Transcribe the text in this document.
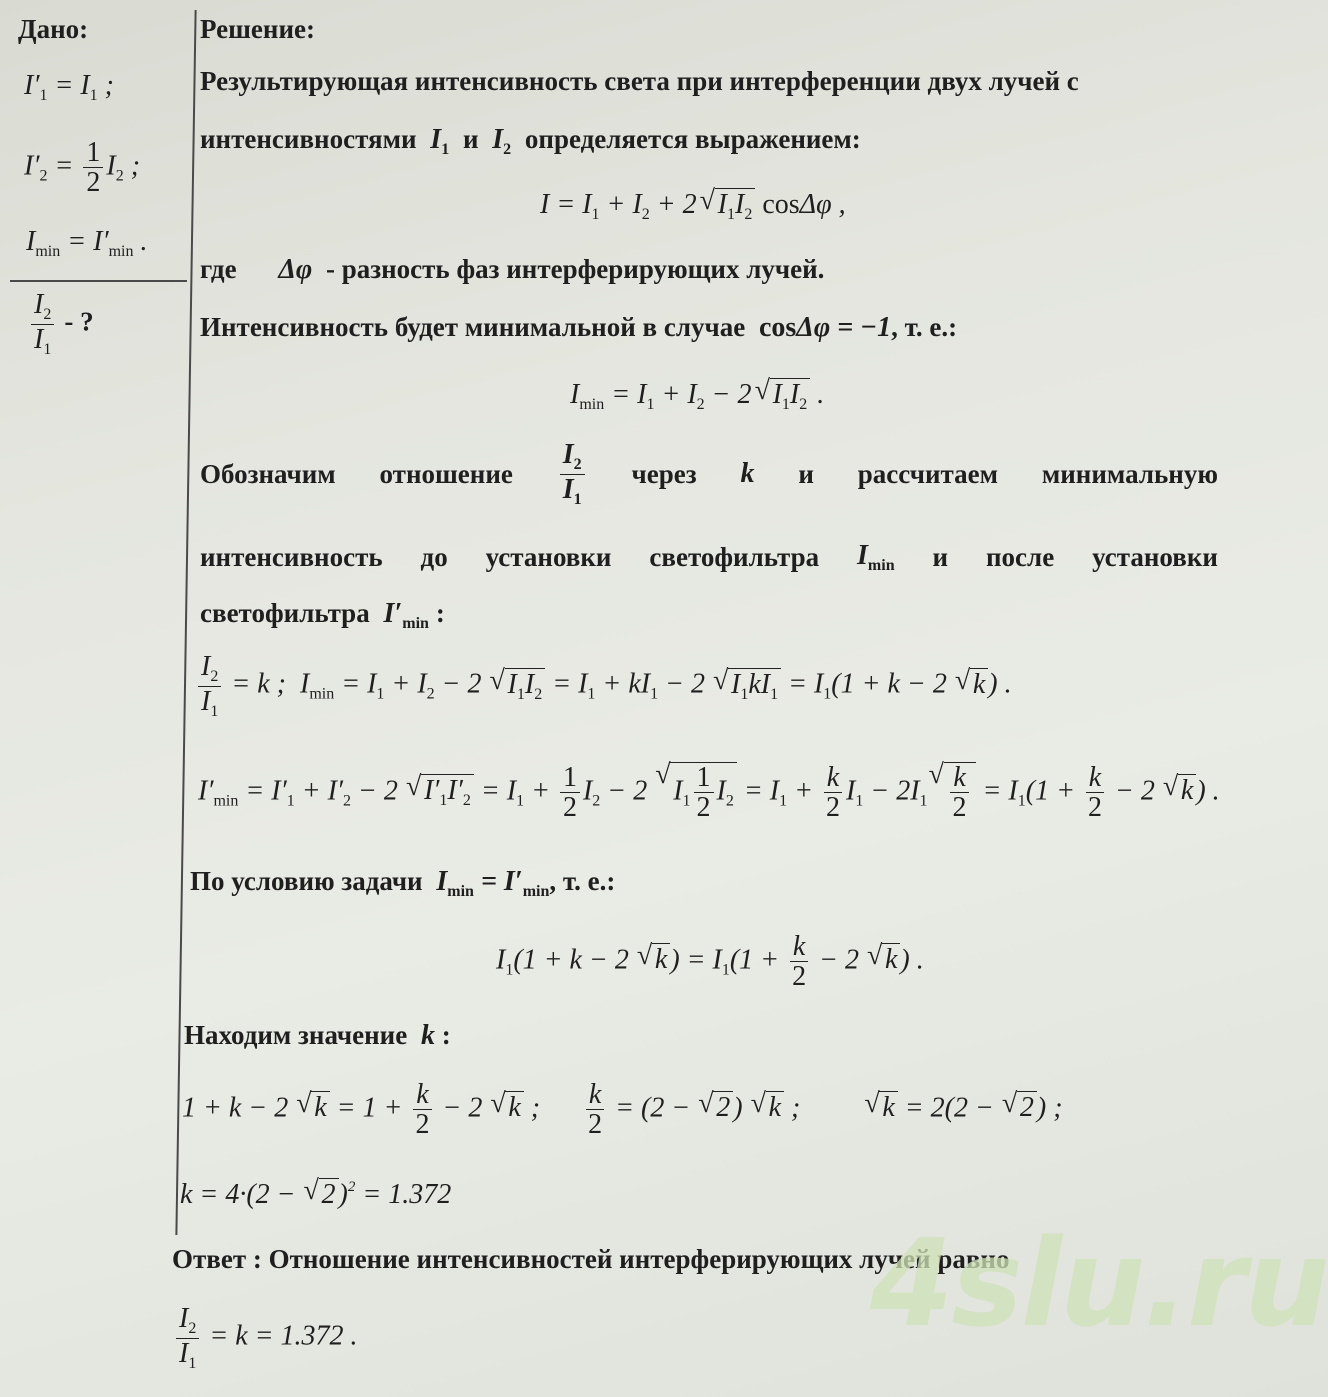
Дано:
$I'_1 = I_1$ ;
$I'_2 = \frac{1}{2} I_2$ ;
$I_{min} = I'_{min}$ .
$\frac{I_2}{I_1}$ - ?
Решение:
Результирующая интенсивность света при интерференции двух лучей с
интенсивностями  $I_1$ и  $I_2$ определяется выражением:
$I = I_1 + I_2 + 2√$ $I_1I_2$ cosΔφ ,
где      Δφ  - разность фаз интерферирующих лучей.
Интенсивность будет минимальной в случае cosΔφ = −1, т. е.:
$I_{min} = I_1 + I_2 - 2√$ $I_1I_2$ .
Обозначим отношение $\frac{I_2}{I_1}$ через k и рассчитаем минимальную
интенсивность до установки светофильтра $I_{min}$ и после установки
светофильтра  $I'_{min}$ :
$\frac{I_2}{I_1} = k$ ;  $I_{min} = I_1 + I_2 - 2$ √ $I_1I_2 = I_1 + kI_1 - 2$ √ $I_1kI_1 = I_1(1 + k - 2$ √ k ) .
$I'_{min} = I'_1 + I'_2 - 2$ √ $I'_1I'_2 = I_1 + \frac{1}{2} I_2 - 2$ √ $I_1 \frac{1}{2} I_2 = I_1 + \frac{k}{2} I_1 - 2I_1$
√ $\frac{k}{2} = I_1(1 + \frac{k}{2} - 2$ √ k ) .
По условию задачи  $I_{min} = I'_{min}$, т. е.:
$I_1(1 + k - 2$ √ k ) = $I_1(1 + \frac{k}{2} - 2$ √ k ) .
Находим значение  k :
1 + k − 2 √ $k = 1 + \frac{k}{2} - 2$ √ k ; $\frac{k}{2} = (2$ − √ 2 ) √ k ;         √ k = 2(2 − √ 2 ) ;
k = 4·(2 − √ 2 )$^2$ = 1.372
Ответ : Отношение интенсивностей интерферирующих лучей равно
$\frac{I_2}{I_1} = k = 1.372$ .	4slu.ru
